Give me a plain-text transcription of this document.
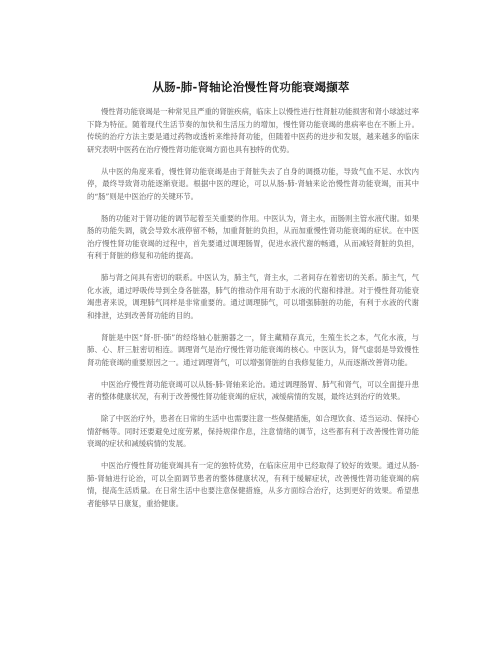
从肠-肺-肾轴论治慢性肾功能衰竭撷萃

慢性肾功能衰竭是一种常见且严重的肾脏疾病，临床上以慢性进行性肾脏功能损害和肾小球滤过率下降为特征。随着现代生活节奏的加快和生活压力的增加，慢性肾功能衰竭的患病率也在不断上升。传统的治疗方法主要是通过药物或透析来维持肾功能，但随着中医药的进步和发展，越来越多的临床研究表明中医药在治疗慢性肾功能衰竭方面也具有独特的优势。

从中医的角度来看，慢性肾功能衰竭是由于肾脏失去了自身的调摄功能，导致气血不足、水饮内停，最终导致肾功能逐渐衰退。根据中医的理论，可以从肠-肺-肾轴来论治慢性肾功能衰竭，而其中的“肠”则是中医治疗的关键环节。

肠的功能对于肾功能的调节起着至关重要的作用。中医认为，肾主水，而肠则主管水液代谢。如果肠的功能失调，就会导致水液停留不畅，加重肾脏的负担，从而加重慢性肾功能衰竭的症状。在中医治疗慢性肾功能衰竭的过程中，首先要通过调理肠胃，促进水液代谢的畅通，从而减轻肾脏的负担，有利于肾脏的修复和功能的提高。

肺与肾之间具有密切的联系。中医认为，肺主气，肾主水，二者间存在着密切的关系。肺主气，气化水液，通过呼吸传导到全身各脏器，肺气的推动作用有助于水液的代谢和排泄。对于慢性肾功能衰竭患者来说，调理肺气同样是非常重要的。通过调理肺气，可以增强肺脏的功能，有利于水液的代谢和排泄，达到改善肾功能的目的。

肾脏是中医“肾-肝-肺”的经络轴心脏腑器之一，肾主藏精存真元，生殖生长之本，气化水液，与肺、心、肝三脏密切相连。调理肾气是治疗慢性肾功能衰竭的核心。中医认为，肾气虚弱是导致慢性肾功能衰竭的重要原因之一。通过调理肾气，可以增强肾脏的自我修复能力，从而逐渐改善肾功能。

中医治疗慢性肾功能衰竭可以从肠-肺-肾轴来论治。通过调理肠胃、肺气和肾气，可以全面提升患者的整体健康状况，有利于改善慢性肾功能衰竭的症状，减缓病情的发展，最终达到治疗的效果。

除了中医治疗外，患者在日常的生活中也需要注意一些保健措施，如合理饮食、适当运动、保持心情舒畅等。同时还要避免过度劳累，保持规律作息，注意情绪的调节，这些都有利于改善慢性肾功能衰竭的症状和减缓病情的发展。

中医治疗慢性肾功能衰竭具有一定的独特优势，在临床应用中已经取得了较好的效果。通过从肠-肺-肾轴进行论治，可以全面调节患者的整体健康状况，有利于缓解症状，改善慢性肾功能衰竭的病情，提高生活质量。在日常生活中也要注意保健措施，从多方面综合治疗，达到更好的效果。希望患者能够早日康复，重拾健康。
